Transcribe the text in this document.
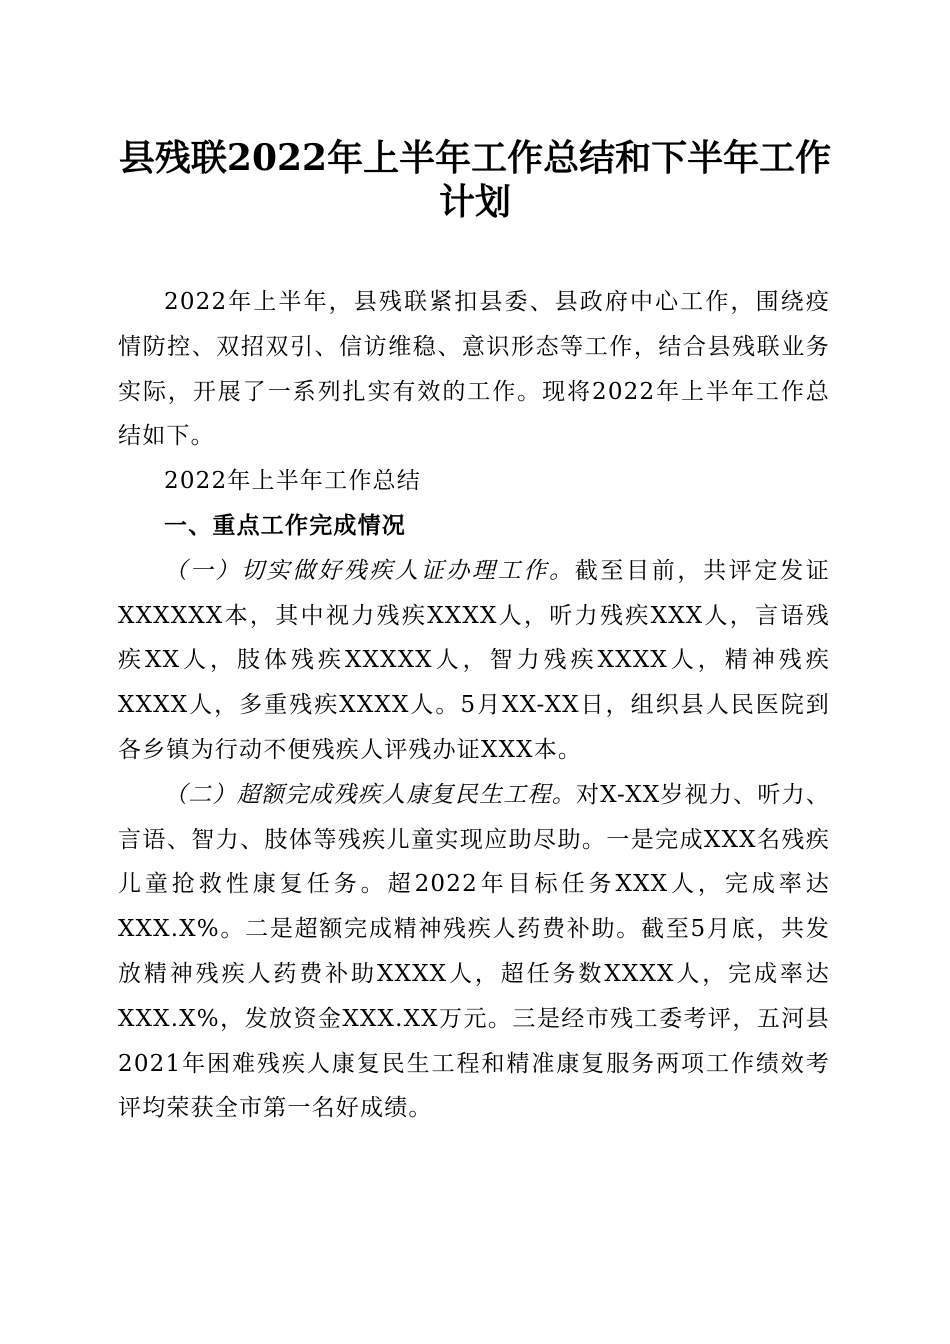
县残联2022年上半年工作总结和下半年工作
计划

2022年上半年，县残联紧扣县委、县政府中心工作，围绕疫情防控、双招双引、信访维稳、意识形态等工作，结合县残联业务实际，开展了一系列扎实有效的工作。现将2022年上半年工作总结如下。

2022年上半年工作总结

一、重点工作完成情况

（一）切实做好残疾人证办理工作。截至目前，共评定发证XXXXXX本，其中视力残疾XXXX人，听力残疾XXX人，言语残疾XX人，肢体残疾XXXXX人，智力残疾XXXX人，精神残疾XXXX人，多重残疾XXXX人。5月XX-XX日，组织县人民医院到各乡镇为行动不便残疾人评残办证XXX本。

（二）超额完成残疾人康复民生工程。对X-XX岁视力、听力、言语、智力、肢体等残疾儿童实现应助尽助。一是完成XXX名残疾儿童抢救性康复任务。超2022年目标任务XXX人，完成率达XXX.X%。二是超额完成精神残疾人药费补助。截至5月底，共发放精神残疾人药费补助XXXX人，超任务数XXXX人，完成率达XXX.X%，发放资金XXX.XX万元。三是经市残工委考评，五河县2021年困难残疾人康复民生工程和精准康复服务两项工作绩效考评均荣获全市第一名好成绩。
